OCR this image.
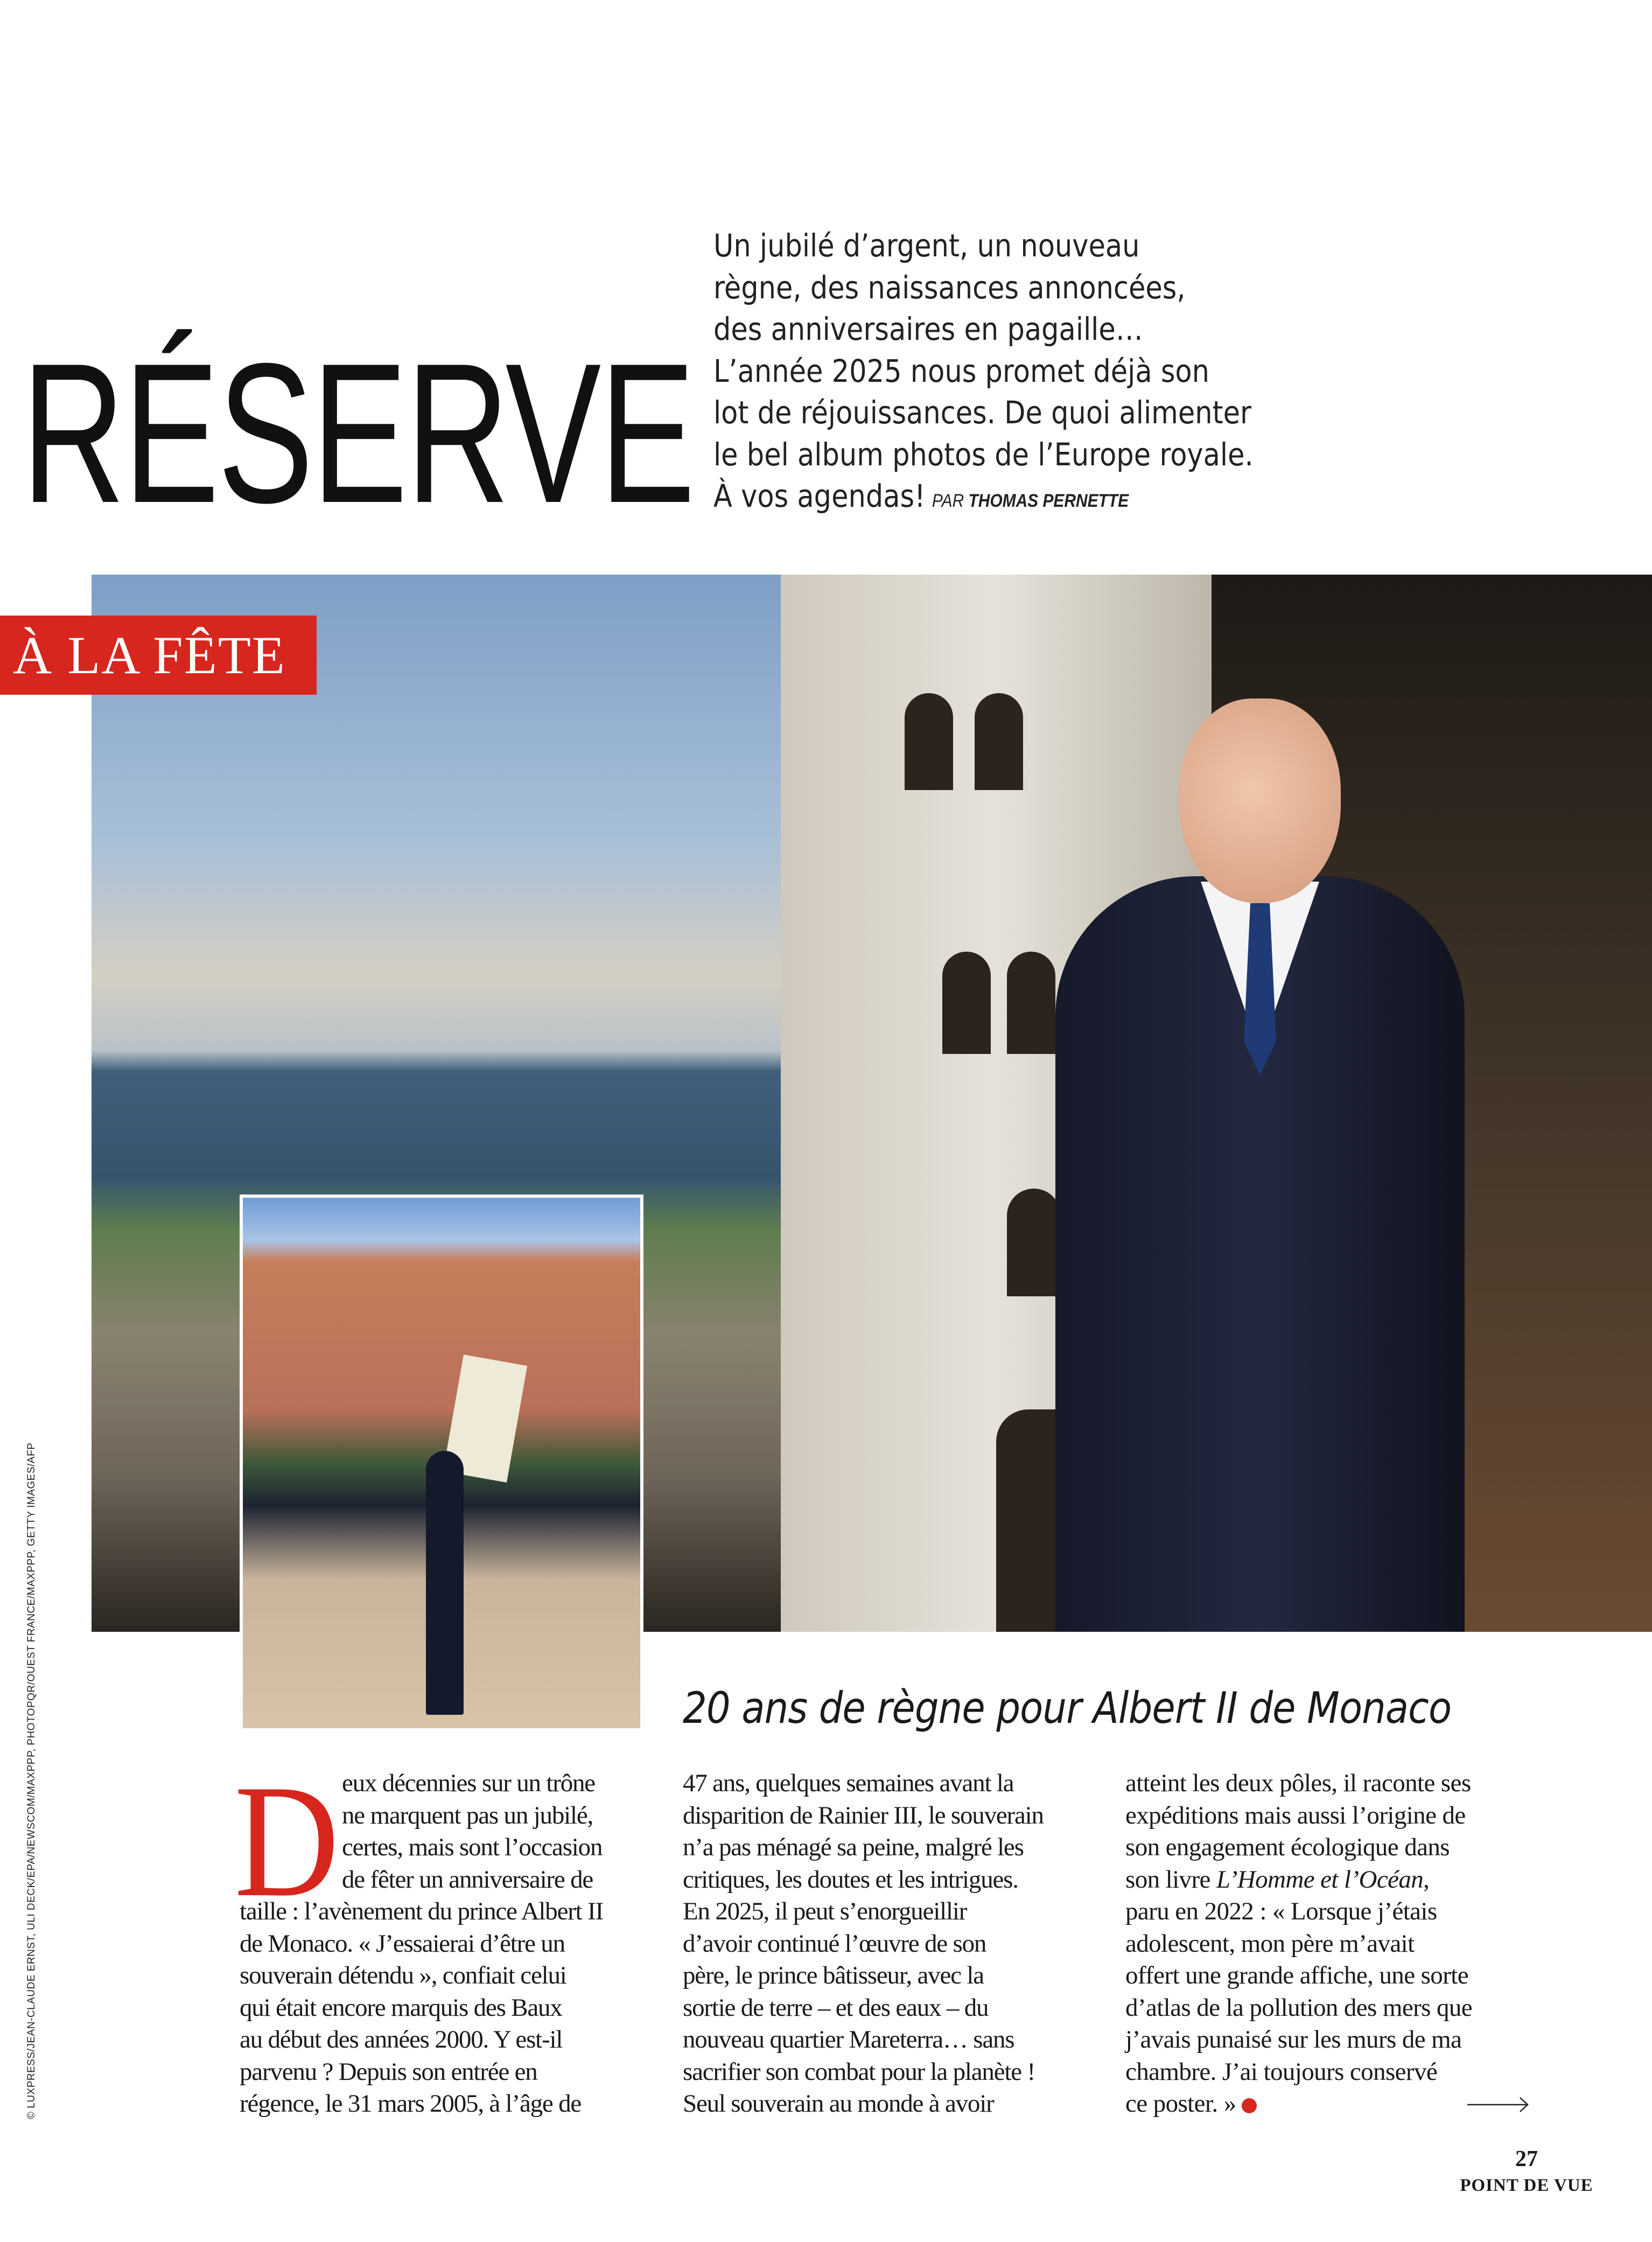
RÉSERVE
Un jubilé d’argent, un nouveau
règne, des naissances annoncées,
des anniversaires en pagaille…
L’année 2025 nous promet déjà son
lot de réjouissances. De quoi alimenter
le bel album photos de l’Europe royale.
À vos agendas! PAR THOMAS PERNETTE
À LA FÊTE
© LUXPRESS/JEAN-CLAUDE ERNST, ULI DECK/EPA/NEWSCOM/MAXPPP, PHOTOPQR/OUEST FRANCE/MAXPPP, GETTY IMAGES/AFP	20 ans de règne pour Albert II de Monaco
D eux décennies sur un trône
ne marquent pas un jubilé,
certes, mais sont l’occasion
de fêter un anniversaire de
taille : l’avènement du prince Albert II
de Monaco. « J’essaierai d’être un
souverain détendu », confiait celui
qui était encore marquis des Baux
au début des années 2000. Y est-il
parvenu ? Depuis son entrée en
régence, le 31 mars 2005, à l’âge de
47 ans, quelques semaines avant la
disparition de Rainier III, le souverain
n’a pas ménagé sa peine, malgré les
critiques, les doutes et les intrigues.
En 2025, il peut s’enorgueillir
d’avoir continué l’œuvre de son
père, le prince bâtisseur, avec la
sortie de terre – et des eaux – du
nouveau quartier Mareterra… sans
sacrifier son combat pour la planète !
Seul souverain au monde à avoir
atteint les deux pôles, il raconte ses
expéditions mais aussi l’origine de
son engagement écologique dans
son livre L’Homme et l’Océan,
paru en 2022 : « Lorsque j’étais
adolescent, mon père m’avait
offert une grande affiche, une sorte
d’atlas de la pollution des mers que
j’avais punaisé sur les murs de ma
chambre. J’ai toujours conservé
ce poster. »
27
POINT DE VUE
